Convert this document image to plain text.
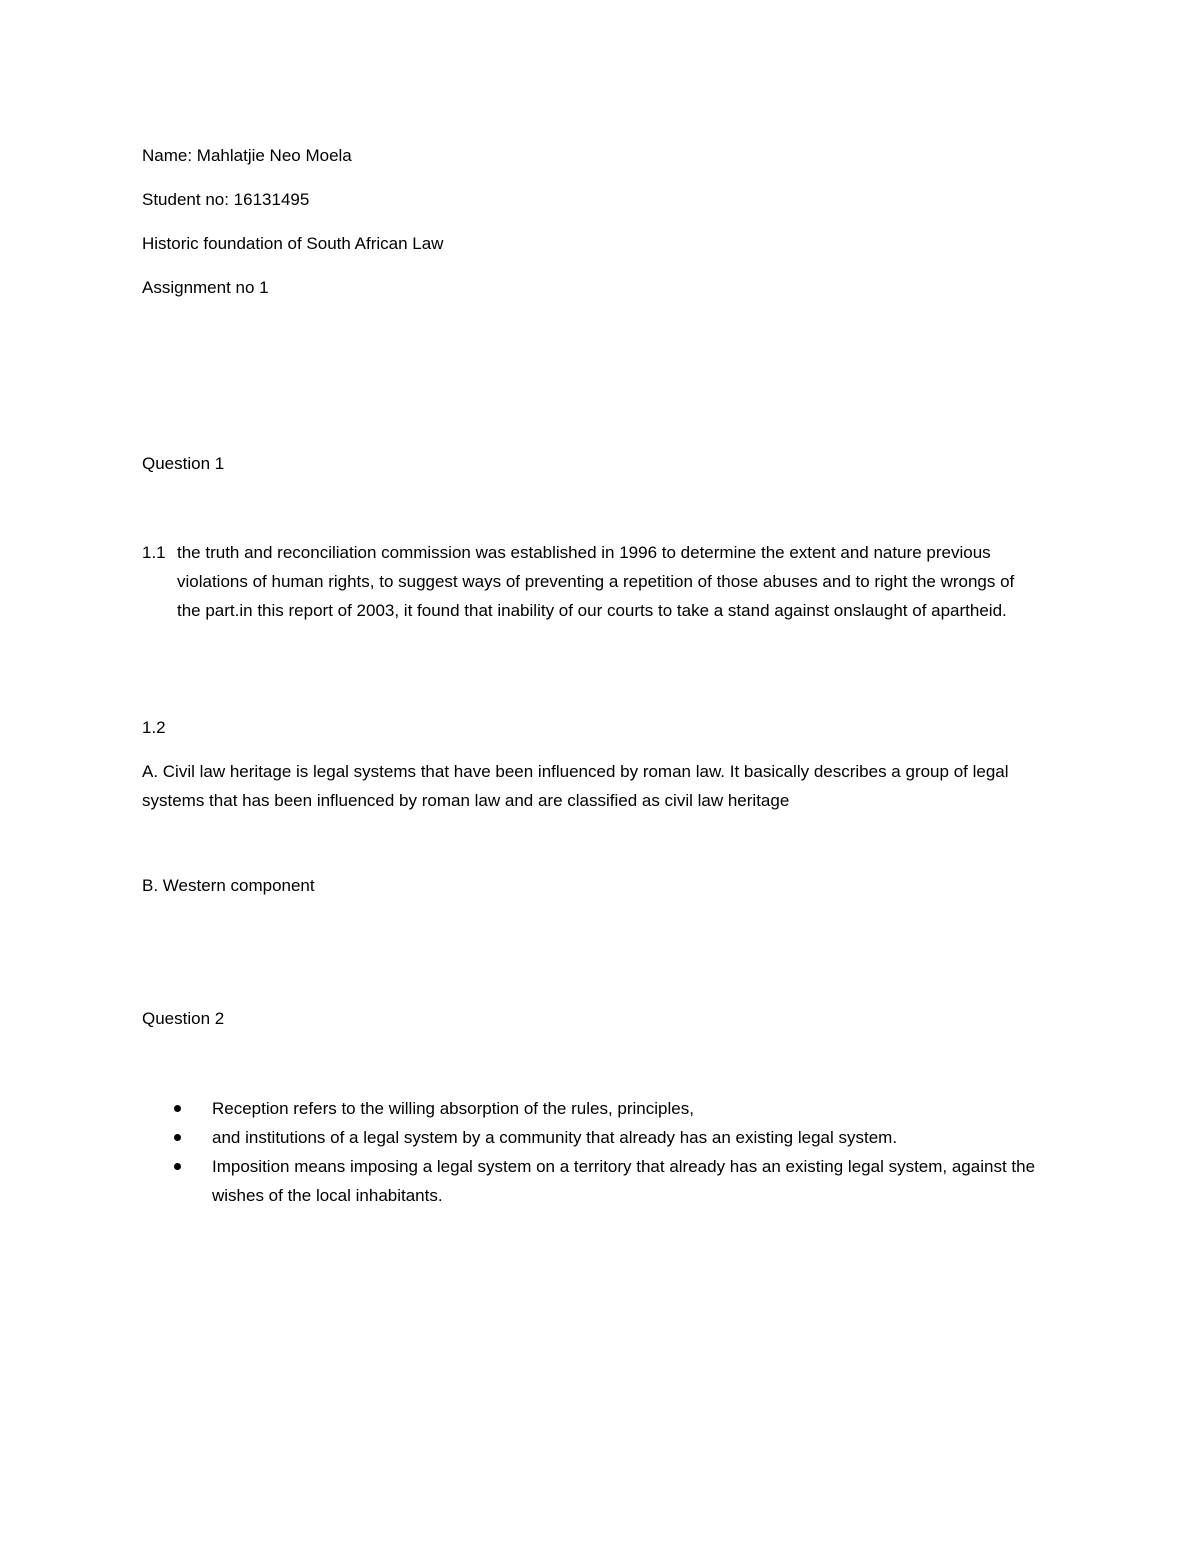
Name: Mahlatjie Neo Moela
Student no: 16131495
Historic foundation of South African Law
Assignment no 1
Question 1
1.1 the truth and reconciliation commission was established in 1996 to determine the extent and nature previous violations of human rights, to suggest ways of preventing a repetition of those abuses and to right the wrongs of the part.in this report of 2003, it found that inability of our courts to take a stand against onslaught of apartheid.
1.2
A. Civil law heritage is legal systems that have been influenced by roman law. It basically describes a group of legal systems that has been influenced by roman law and are classified as civil law heritage
B. Western component
Question 2
Reception refers to the willing absorption of the rules, principles,
and institutions of a legal system by a community that already has an existing legal system.
Imposition means imposing a legal system on a territory that already has an existing legal system, against the wishes of the local inhabitants.
